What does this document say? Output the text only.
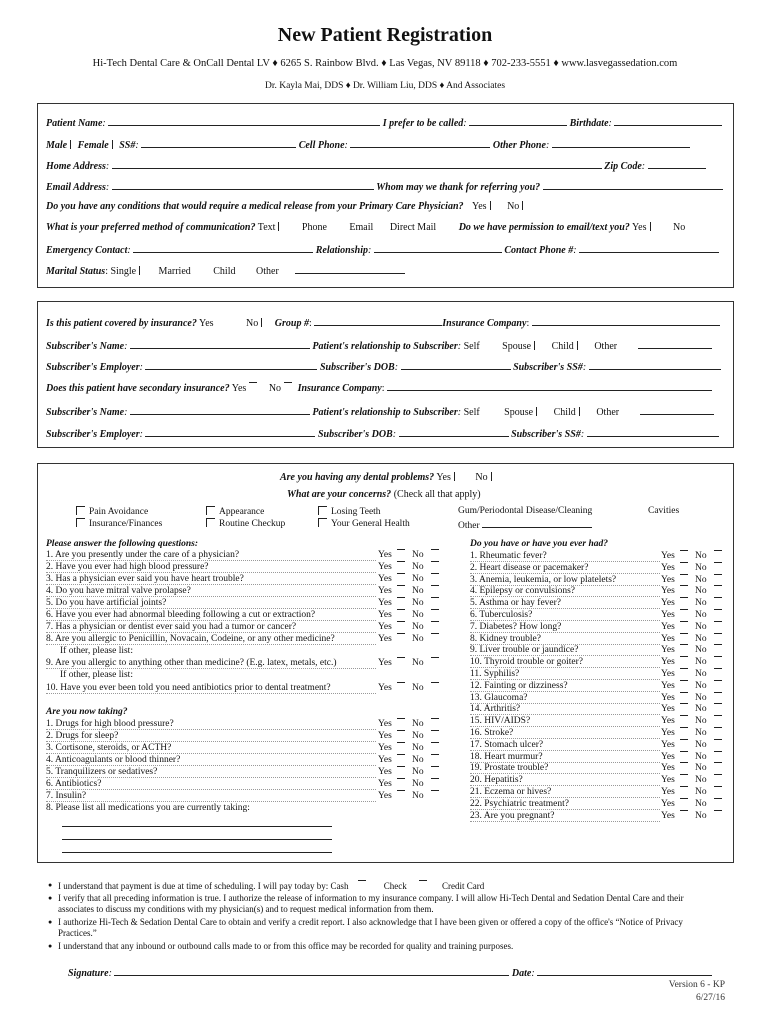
New Patient Registration
Hi-Tech Dental Care & OnCall Dental LV ♦ 6265 S. Rainbow Blvd. ♦ Las Vegas, NV 89118 ♦ 702-233-5551 ♦ www.lasvegassedation.com
Dr. Kayla Mai, DDS ♦ Dr. William Liu, DDS ♦ And Associates
Patient Name:	I prefer to be called:	Birthdate:
Male Female SS#:	Cell Phone:	Other Phone:
Home Address:	Zip Code:
Email Address:	Whom may we thank for referring you?
Do you have any conditions that would require a medical release from your Primary Care Physician? Yes No
What is your preferred method of communication? Text	Phone Email Direct Mail Do we have permission to email/text you? Yes	No
Emergency Contact:	Relationship:	Contact Phone #:
Marital Status: Single Married Child Other
Is this patient covered by insurance? Yes	No Group #:	Insurance Company:
Subscriber's Name:	Patient's relationship to Subscriber: Self Spouse Child Other
Subscriber's Employer:	Subscriber's DOB:	Subscriber's SS#:
Does this patient have secondary insurance? Yes No Insurance Company:
Subscriber's Name:	Patient's relationship to Subscriber: Self Spouse Child Other
Subscriber's Employer:	Subscriber's DOB:	Subscriber's SS#:
Are you having any dental problems? Yes No
What are your concerns? (Check all that apply)
Pain Avoidance
Insurance/Finances
Appearance
Routine Checkup
Losing Teeth
Your General Health
Gum/Periodontal Disease/Cleaning
Other
Cavities
Please answer the following questions:
1. Are you presently under the care of a physician?	Yes No
2. Have you ever had high blood pressure?	Yes No
3. Has a physician ever said you have heart trouble?	Yes No
4. Do you have mitral valve prolapse?	Yes No
5. Do you have artificial joints?	Yes No
6. Have you ever had abnormal bleeding following a cut or extraction?	Yes No
7. Has a physician or dentist ever said you had a tumor or cancer?	Yes No
8. Are you allergic to Penicillin, Novacain, Codeine, or any other medicine?	Yes No
If other, please list:
9. Are you allergic to anything other than medicine? (E.g. latex, metals, etc.)	Yes No
If other, please list:
10. Have you ever been told you need antibiotics prior to dental treatment?	Yes No
Are you now taking?
1. Drugs for high blood pressure?	Yes No
2. Drugs for sleep?	Yes No
3. Cortisone, steroids, or ACTH?	Yes No
4. Anticoagulants or blood thinner?	Yes No
5. Tranquilizers or sedatives?	Yes No
6. Antibiotics?	Yes No
7. Insulin?	Yes No
8. Please list all medications you are currently taking:
Do you have or have you ever had?
1. Rheumatic fever?	Yes No
2. Heart disease or pacemaker?	Yes No
3. Anemia, leukemia, or low platelets?	Yes No
4. Epilepsy or convulsions?	Yes No
5. Asthma or hay fever?	Yes No
6. Tuberculosis?	Yes No
7. Diabetes? How long?	Yes No
8. Kidney trouble?	Yes No
9. Liver trouble or jaundice?	Yes No
10. Thyroid trouble or goiter?	Yes No
11. Syphilis?	Yes No
12. Fainting or dizziness?	Yes No
13. Glaucoma?	Yes No
14. Arthritis?	Yes No
15. HIV/AIDS?	Yes No
16. Stroke?	Yes No
17. Stomach ulcer?	Yes No
18. Heart murmur?	Yes No
19. Prostate trouble?	Yes No
20. Hepatitis?	Yes No
21. Eczema or hives?	Yes No
22. Psychiatric treatment?	Yes No
23. Are you pregnant?	Yes No
● I understand that payment is due at time of scheduling. I will pay today by: Cash	Check	Credit Card
● I verify that all preceding information is true. I authorize the release of information to my insurance company. I will allow Hi-Tech Dental and Sedation Dental Care and their associates to discuss my conditions with my physician(s) and to request medical information from them.
● I authorize Hi-Tech & Sedation Dental Care to obtain and verify a credit report. I also acknowledge that I have been given or offered a copy of the office's “Notice of Privacy Practices.”
● I understand that any inbound or outbound calls made to or from this office may be recorded for quality and training purposes.
Signature:	Date:
Version 6 - KP
6/27/16
